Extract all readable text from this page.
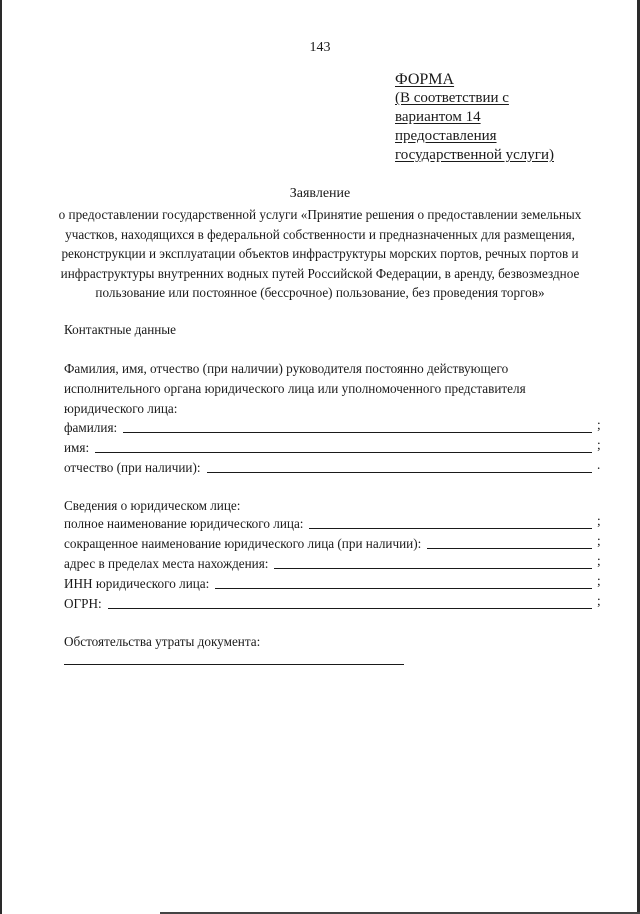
143
ФОРМА
(В соответствии с
вариантом 14
предоставления
государственной услуги)
Заявление
о предоставлении государственной услуги «Принятие решения о предоставлении земельных
участков, находящихся в федеральной собственности и предназначенных для размещения,
реконструкции и эксплуатации объектов инфраструктуры морских портов, речных портов и
инфраструктуры внутренних водных путей Российской Федерации, в аренду, безвозмездное
пользование или постоянное (бессрочное) пользование, без проведения торгов»
Контактные данные
Фамилия, имя, отчество (при наличии) руководителя постоянно действующего
исполнительного органа юридического лица или уполномоченного представителя
юридического лица:
фамилия:	;
имя:	;
отчество (при наличии):	.
Сведения о юридическом лице:
полное наименование юридического лица:	;
сокращенное наименование юридического лица (при наличии):	;
адрес в пределах места нахождения:	;
ИНН юридического лица:	;
ОГРН:	;
Обстоятельства утраты документа:
